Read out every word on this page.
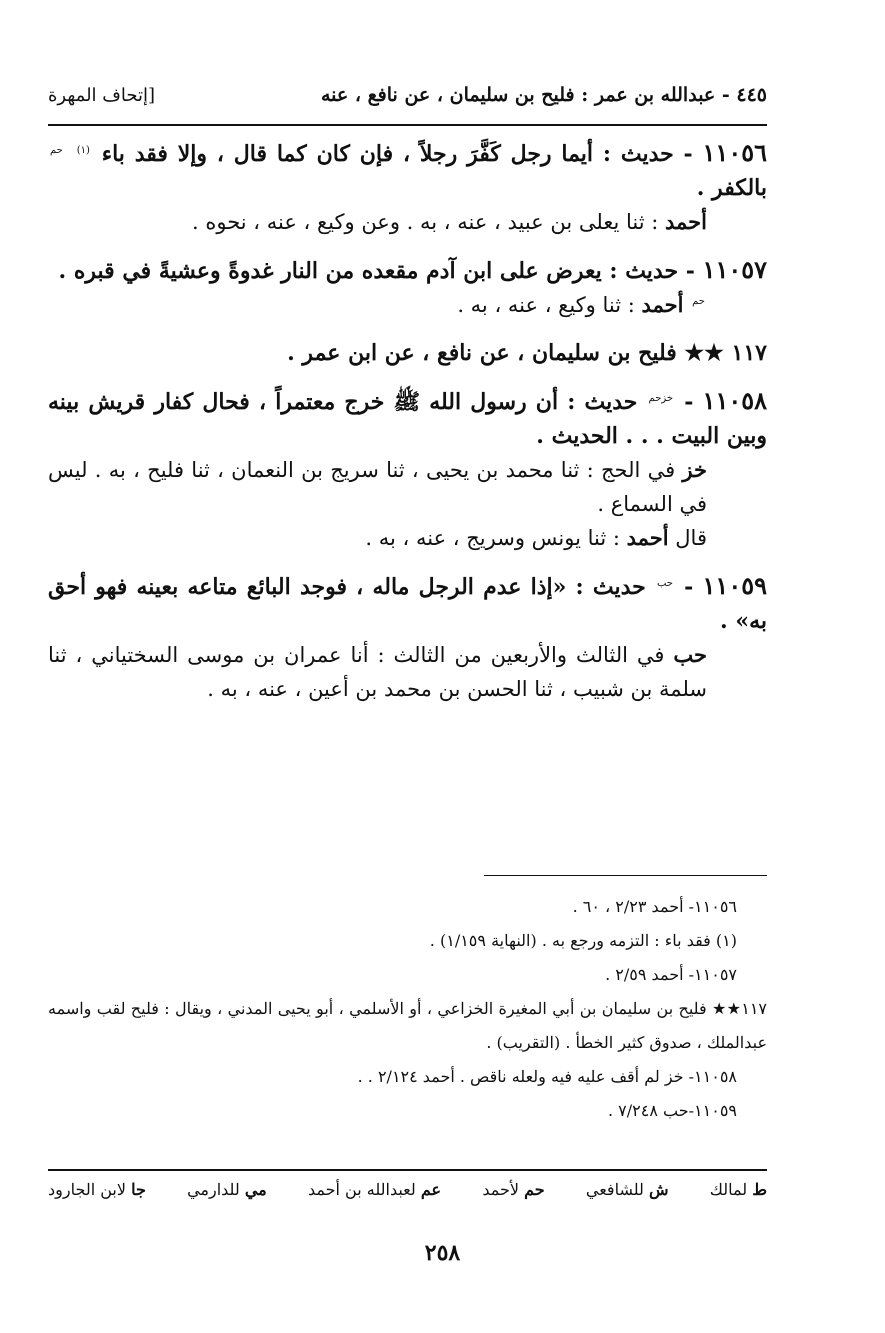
٤٤٥ - عبدالله بن عمر : فليح بن سليمان ، عن نافع ، عنه
[إتحاف المهرة

١١٠٥٦ - حديث : أيما رجل كَفَّرَ رجلاً ، فإن كان كما قال ، وإلا فقد باء $^{(١)}$ $^{حم}$ بالكفر .

أحمد : ثنا يعلى بن عبيد ، عنه ، به . وعن وكيع ، عنه ، نحوه .

١١٠٥٧ - حديث : يعرض على ابن آدم مقعده من النار غدوةً وعشيةً في قبره .

$^{حم}$ أحمد : ثنا وكيع ، عنه ، به .

١١٧ ★★ فليح بن سليمان ، عن نافع ، عن ابن عمر .

١١٠٥٨ - $^{خزحم}$ حديث : أن رسول الله ﷺ خرج معتمراً ، فحال كفار قريش بينه وبين البيت . . . الحديث .

خز في الحج : ثنا محمد بن يحيى ، ثنا سريج بن النعمان ، ثنا فليح ، به . ليس في السماع .

قال أحمد : ثنا يونس وسريج ، عنه ، به .

١١٠٥٩ - $^{حب}$ حديث : «إذا عدم الرجل ماله ، فوجد البائع متاعه بعينه فهو أحق به» .

حب في الثالث والأربعين من الثالث : أنا عمران بن موسى السختياني ، ثنا سلمة بن شبيب ، ثنا الحسن بن محمد بن أعين ، عنه ، به .

١١٠٥٦- أحمد ٢/٢٣ ، ٦٠ .

(١) فقد باء : التزمه ورجع به . (النهاية ١/١٥٩) .

١١٠٥٧- أحمد ٢/٥٩ .

١١٧★★ فليح بن سليمان بن أبي المغيرة الخزاعي ، أو الأسلمي ، أبو يحيى المدني ، ويقال : فليح لقب واسمه عبدالملك ، صدوق كثير الخطأ . (التقريب) .

١١٠٥٨- خز لم أقف عليه فيه ولعله ناقص . أحمد ٢/١٢٤ . .

١١٠٥٩-حب ٧/٢٤٨ .

ط لمالك
ش للشافعي
حم لأحمد
عم لعبدالله بن أحمد
مي للدارمي
جا لابن الجارود
٢٥٨
